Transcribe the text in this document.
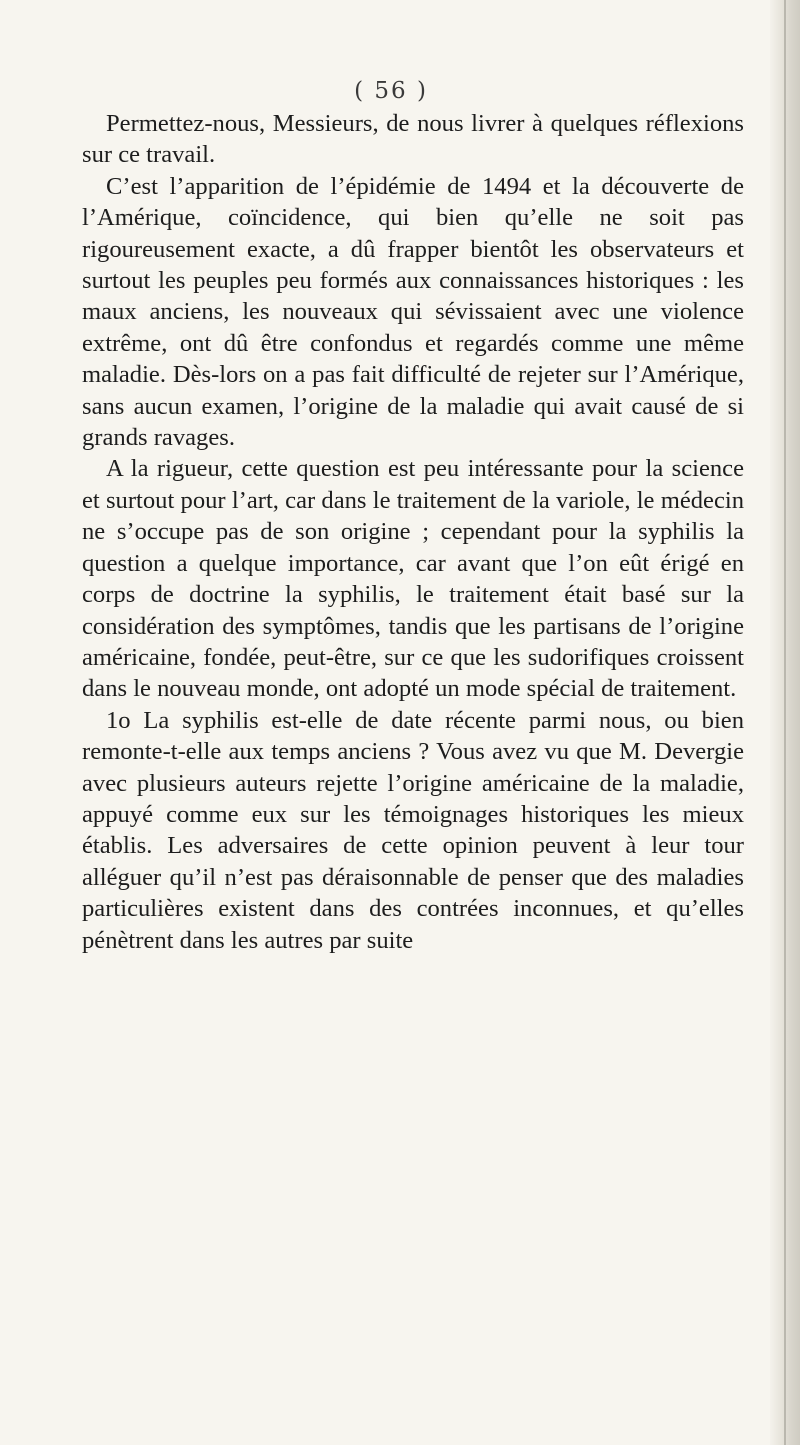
( 56 )

Permettez-nous, Messieurs, de nous livrer à quelques réflexions sur ce travail.

C’est l’apparition de l’épidémie de 1494 et la découverte de l’Amérique, coïncidence, qui bien qu’elle ne soit pas rigoureusement exacte, a dû frapper bientôt les observateurs et surtout les peuples peu formés aux connaissances historiques : les maux anciens, les nouveaux qui sévissaient avec une violence extrême, ont dû être confondus et regardés comme une même maladie. Dès-lors on a pas fait difficulté de rejeter sur l’Amérique, sans aucun examen, l’origine de la maladie qui avait causé de si grands ravages.

A la rigueur, cette question est peu intéressante pour la science et surtout pour l’art, car dans le traitement de la variole, le médecin ne s’occupe pas de son origine ; cependant pour la syphilis la question a quelque importance, car avant que l’on eût érigé en corps de doctrine la syphilis, le traitement était basé sur la considération des symptômes, tandis que les partisans de l’origine américaine, fondée, peut-être, sur ce que les sudorifiques croissent dans le nouveau monde, ont adopté un mode spécial de traitement.

1o La syphilis est-elle de date récente parmi nous, ou bien remonte-t-elle aux temps anciens ? Vous avez vu que M. Devergie avec plusieurs auteurs rejette l’origine américaine de la maladie, appuyé comme eux sur les témoignages historiques les mieux établis. Les adversaires de cette opinion peuvent à leur tour alléguer qu’il n’est pas déraisonnable de penser que des maladies particulières existent dans des contrées inconnues, et qu’elles pénètrent dans les autres par suite
